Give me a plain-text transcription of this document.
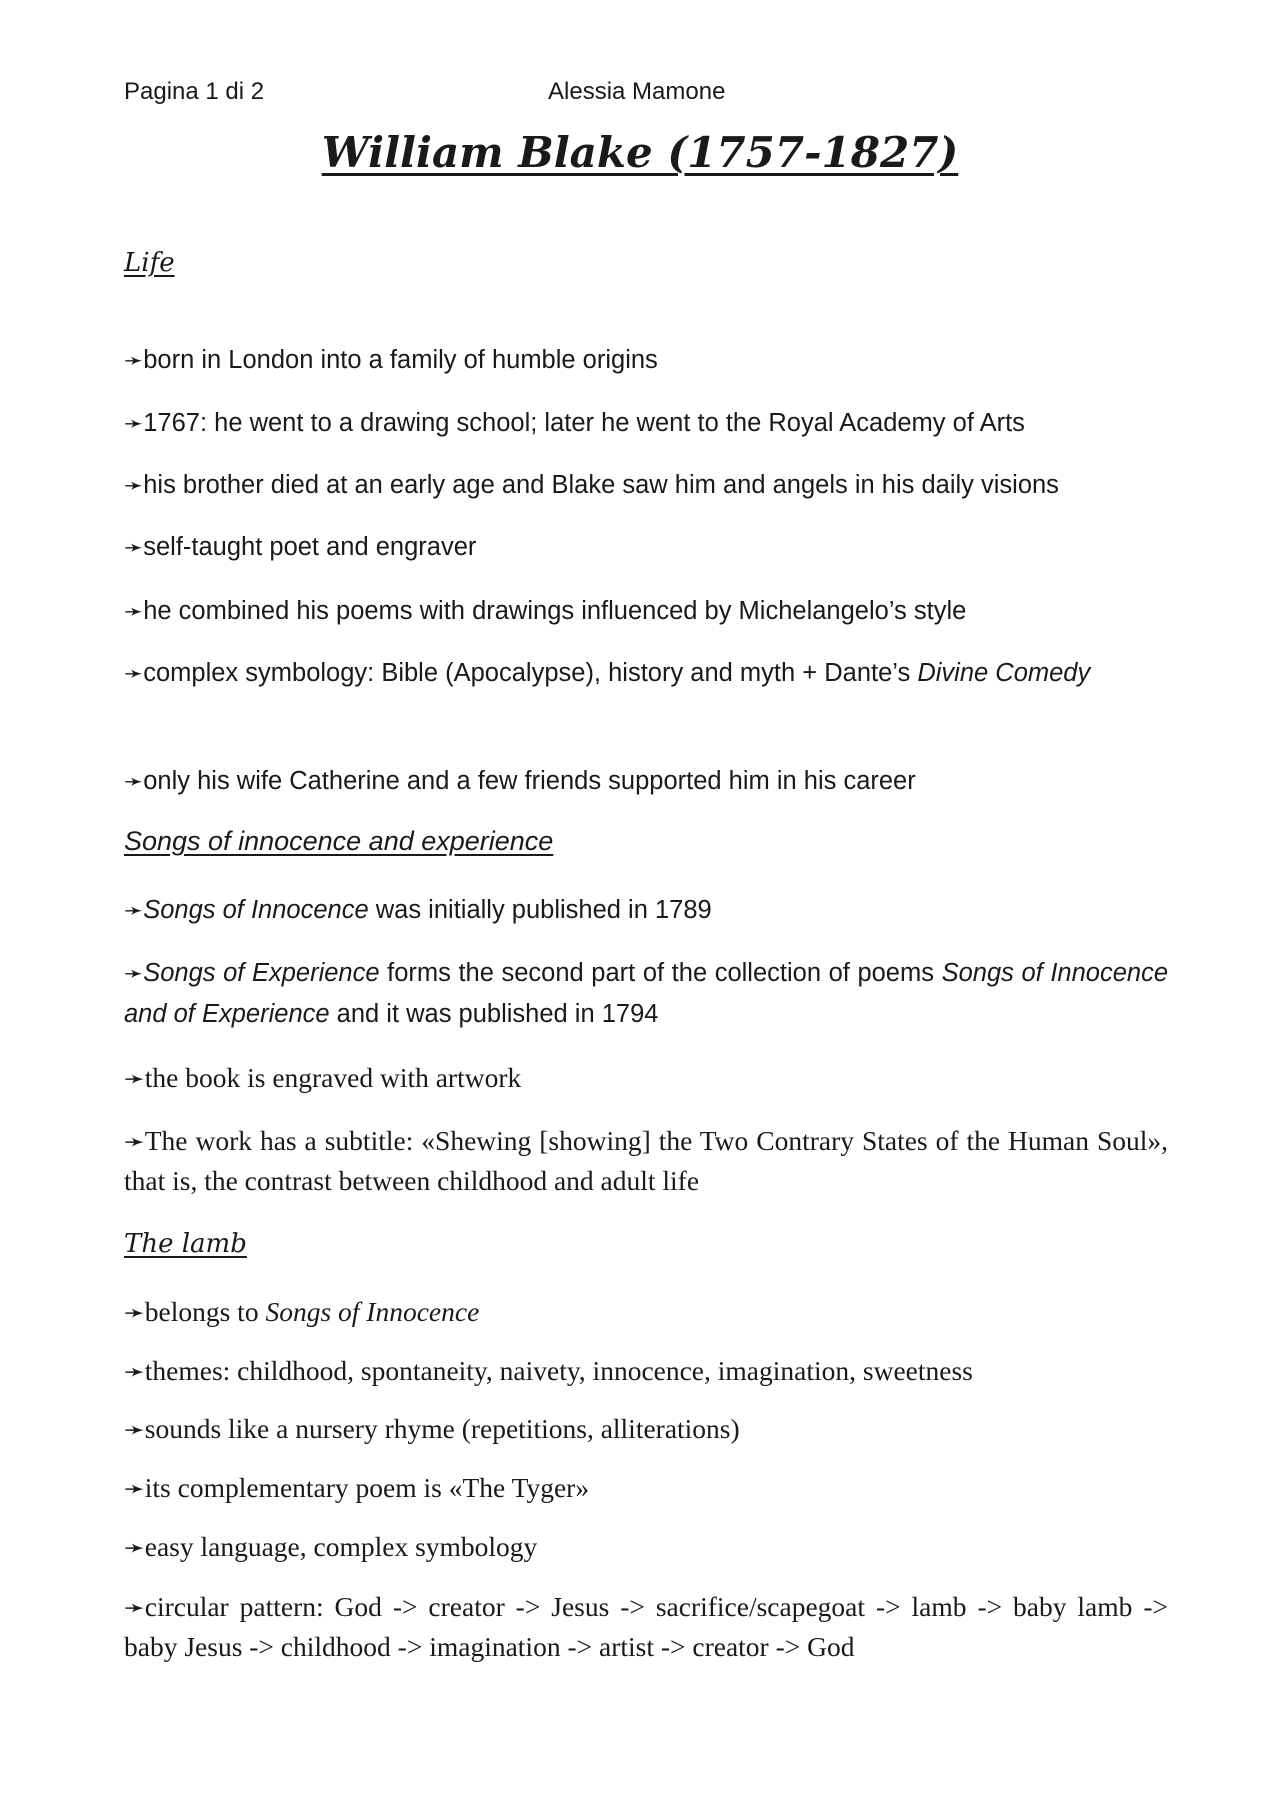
Pagina 1 di 2	Alessia Mamone
William Blake (1757-1827)
Life
➛born in London into a family of humble origins
➛1767: he went to a drawing school; later he went to the Royal Academy of Arts
➛his brother died at an early age and Blake saw him and angels in his daily visions
➛self-taught poet and engraver
➛he combined his poems with drawings influenced by Michelangelo’s style
➛complex symbology: Bible (Apocalypse), history and myth + Dante’s Divine Comedy
➛only his wife Catherine and a few friends supported him in his career
Songs of innocence and experience
➛Songs of Innocence was initially published in 1789
➛Songs of Experience forms the second part of the collection of poems Songs of Innocence and of Experience and it was published in 1794
➛the book is engraved with artwork
➛The work has a subtitle: «Shewing [showing] the Two Contrary States of the Human Soul», that is, the contrast between childhood and adult life
The lamb
➛belongs to Songs of Innocence
➛themes: childhood, spontaneity, naivety, innocence, imagination, sweetness
➛sounds like a nursery rhyme (repetitions, alliterations)
➛its complementary poem is «The Tyger»
➛easy language, complex symbology
➛circular pattern: God -> creator -> Jesus -> sacrifice/scapegoat -> lamb -> baby lamb -> baby Jesus -> childhood -> imagination -> artist -> creator -> God
